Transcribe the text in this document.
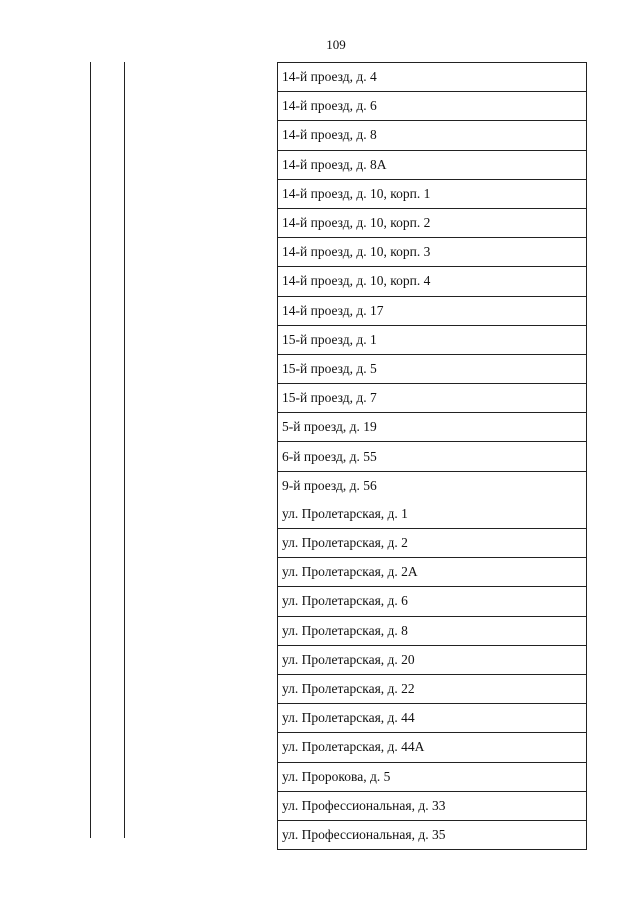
109
14-й проезд, д. 4
14-й проезд, д. 6
14-й проезд, д. 8
14-й проезд, д. 8А
14-й проезд, д. 10, корп. 1
14-й проезд, д. 10, корп. 2
14-й проезд, д. 10, корп. 3
14-й проезд, д. 10, корп. 4
14-й проезд, д. 17
15-й проезд, д. 1
15-й проезд, д. 5
15-й проезд, д. 7
5-й проезд, д. 19
6-й проезд, д. 55
9-й проезд, д. 56
ул. Пролетарская, д. 1
ул. Пролетарская, д. 2
ул. Пролетарская, д. 2А
ул. Пролетарская, д. 6
ул. Пролетарская, д. 8
ул. Пролетарская, д. 20
ул. Пролетарская, д. 22
ул. Пролетарская, д. 44
ул. Пролетарская, д. 44А
ул. Пророкова, д. 5
ул. Профессиональная, д. 33
ул. Профессиональная, д. 35
